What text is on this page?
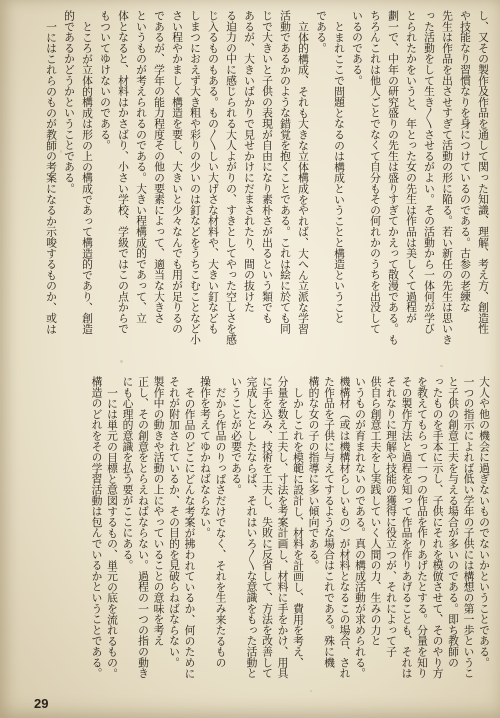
し、又その製作及作品を通して関った知識、理解、考え方、創造性
や技能なり習慣なりを身につけているのである。古参の老練な
先生は作品を出させすぎて活動の形に陥る。若い新任の先生は思いき
った活動をして生き〳〵させるがよい。その活動から一体何が学び
とられたかをいうと、年とった女の先生は作品は美しくて過程が
劃一で、中年の研究盛りの先生は盛りすぎてかえって散漫である。も
ちろんこれは他人ごとでなくて自分もその何れかのうちを出没して
いるのである。
とまれここで問題となるのは構成ということと構造ということ
である。
立体的構成、それも大きな立体構成をやれば、大へん立派な学習
活動であるかのような錯覚を抱くことである。これは絵に於ても同
じで大きいと子供の表現が自由になり素朴さが出るという類でも
あるが、大きいばかりで見せかけにだまされたり、間の抜けた
る迫力の中に感じられる大人よがりの、すきとしてやった空しさを感
じ入るものもある。もの〳〵しい大げさな材料や、大きい釘なども
しまつにおえず大き粗や彩りの少いのは釘などをうちこむことなど小
さい程やかましく構造を要し、大きいと少々なんでも用が足りるの
であるが、学年の能力程度その他の要素によって、適当な大きさ
というものが考えられるのである。大きい程構成的であって、立
体となると、材料はかさばり、小さい学校、学級ではこの点からで
もついてゆけないのである。
ところが立体的構成は形の上の構成であって構造的であり、創造
的であるかどうかということである。
一にはこれらのものが教師の考案になるか示唆するものか、或は
大人や他の機会に過ぎないものでないかということである。
一つの指示によれば低い学年の子供には構想の第一歩というこ
と子供の創意工夫を与える場合が多いのである。即ち教師の
ったものを手本に示し、子供にそれを模倣させて、そのやり方
を教えてもらって一つの作品を作りあげたとする。分量を知り
その製作方法と過程を知って作品を作りあげることも、それは
それなりに理解や技能の獲得に役立つが、それによって子
供自ら創意工夫をし実践していく人間の力、生みの力と
いうものが育まれないのである。真の構成活動が求められる。
機構材（或は機構材らしいもの）が材料となるこの場合、され
た作品を子供に与えてするような場合はこれである。殊に機
構的な女の子の指導に多い傾向である。
しかしこれを模範に設計し、材料を計画し、費用を考え、
分量を数え工夫し、寸法を考案計画し、材料に手をかけ、用具
に手を込み、技術を工夫し、失敗に反省して、方法を改善して
完成したとしたならば、それはいろ〳〵な意識をもった活動と
いうことが必要である。
だから作品のりっぱさだけでなく、それを生み来たるもの
操作を考えてゆかねばならない。
その作品のどこにどんな考案が拂われているか、何のために
それが附加されているか、その目的を見破らねばならない。
製作中の動きや活動の上にやっていることの意味を考え
正し、その創意をとらえねばならない。過程の一つの指の動き
にも心理的意識を払う要がここにある。
一には単元の目標と意図するもの、単元の底を流れるもの。
構造のどれをその学習活動は包んでいるかということである。
29
